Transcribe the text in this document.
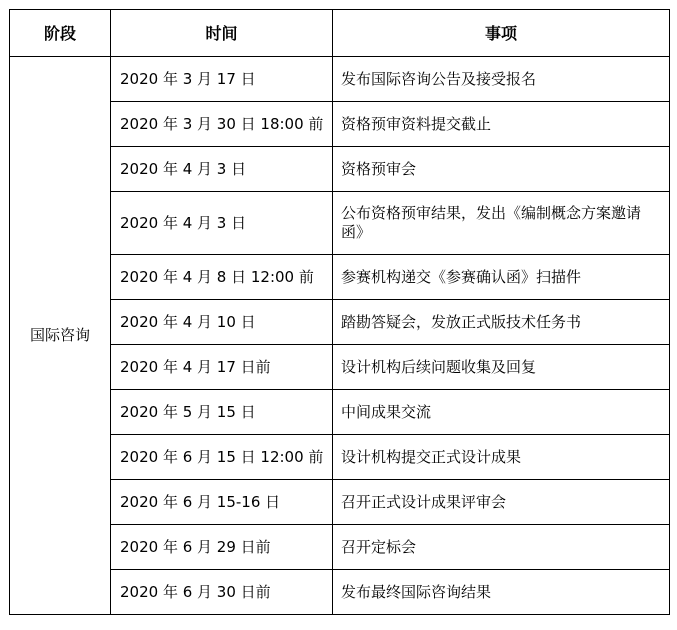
阶段	时间	事项
国际咨询	2020 年 3 月 17 日	发布国际咨询公告及接受报名
	2020 年 3 月 30 日 18:00 前	资格预审资料提交截止
	2020 年 4 月 3 日	资格预审会
	2020 年 4 月 3 日	公布资格预审结果，发出《编制概念方案邀请函》
	2020 年 4 月 8 日 12:00 前	参赛机构递交《参赛确认函》扫描件
	2020 年 4 月 10 日	踏勘答疑会，发放正式版技术任务书
	2020 年 4 月 17 日前	设计机构后续问题收集及回复
	2020 年 5 月 15 日	中间成果交流
	2020 年 6 月 15 日 12:00 前	设计机构提交正式设计成果
	2020 年 6 月 15-16 日	召开正式设计成果评审会
	2020 年 6 月 29 日前	召开定标会
	2020 年 6 月 30 日前	发布最终国际咨询结果
